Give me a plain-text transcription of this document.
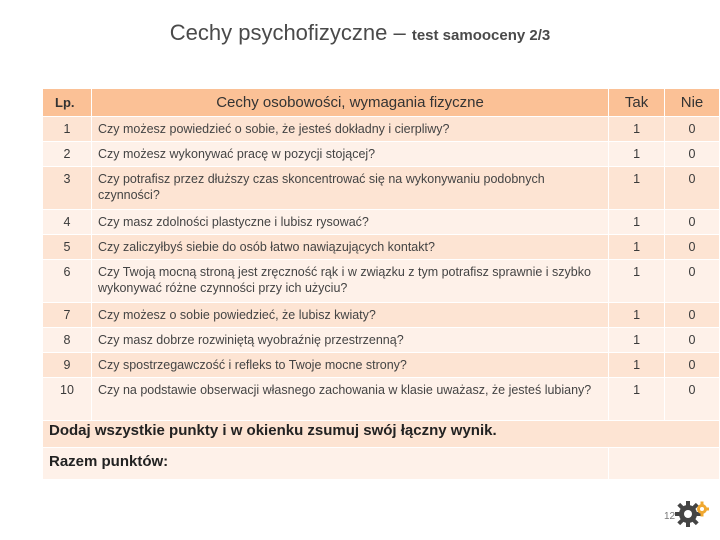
Cechy psychofizyczne – test samooceny 2/3
Lp.	Cechy osobowości, wymagania fizyczne	Tak	Nie
1	Czy możesz powiedzieć o sobie, że jesteś dokładny i cierpliwy?	1	0
2	Czy możesz wykonywać pracę w pozycji stojącej?	1	0
3	Czy potrafisz przez dłuższy czas skoncentrować się na wykonywaniu podobnych czynności?	1	0
4	Czy masz zdolności plastyczne i lubisz rysować?	1	0
5	Czy zaliczyłbyś siebie do osób łatwo nawiązujących kontakt?	1	0
6	Czy Twoją mocną stroną jest zręczność rąk i w związku z tym potrafisz sprawnie i szybko wykonywać różne czynności przy ich użyciu?	1	0
7	Czy możesz o sobie powiedzieć, że lubisz kwiaty?	1	0
8	Czy masz dobrze rozwiniętą wyobraźnię przestrzenną?	1	0
9	Czy spostrzegawczość i refleks to Twoje mocne strony?	1	0
10	Czy na podstawie obserwacji własnego zachowania w klasie uważasz, że jesteś lubiany?	1	0
Dodaj wszystkie punkty i w okienku zsumuj swój łączny wynik.			
Razem punktów:			
12
